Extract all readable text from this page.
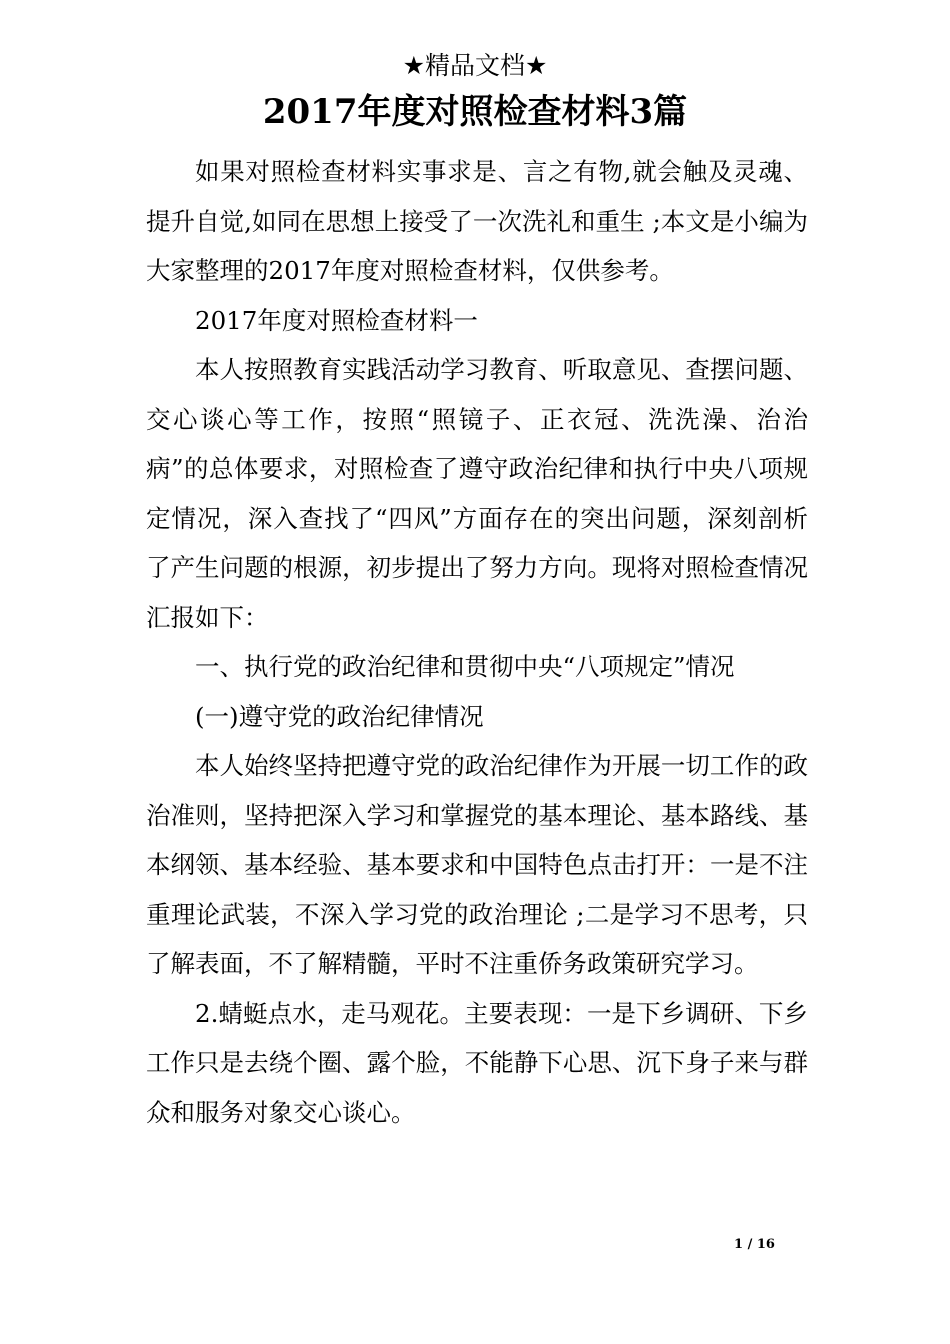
★精品文档★
2017年度对照检查材料3篇

如果对照检查材料实事求是、言之有物,就会触及灵魂、提升自觉,如同在思想上接受了一次洗礼和重生 ;本文是小编为大家整理的2017年度对照检查材料，仅供参考。

2017年度对照检查材料一

本人按照教育实践活动学习教育、听取意见、查摆问题、交心谈心等工作，按照“照镜子、正衣冠、洗洗澡、治治病”的总体要求，对照检查了遵守政治纪律和执行中央八项规定情况，深入查找了“四风”方面存在的突出问题，深刻剖析了产生问题的根源，初步提出了努力方向。现将对照检查情况汇报如下：

一、执行党的政治纪律和贯彻中央“八项规定”情况

(一)遵守党的政治纪律情况

本人始终坚持把遵守党的政治纪律作为开展一切工作的政治准则，坚持把深入学习和掌握党的基本理论、基本路线、基本纲领、基本经验、基本要求和中国特色点击打开：一是不注重理论武装，不深入学习党的政治理论 ;二是学习不思考，只了解表面，不了解精髓，平时不注重侨务政策研究学习。

2.蜻蜓点水，走马观花。主要表现：一是下乡调研、下乡工作只是去绕个圈、露个脸，不能静下心思、沉下身子来与群众和服务对象交心谈心。

1 / 16
